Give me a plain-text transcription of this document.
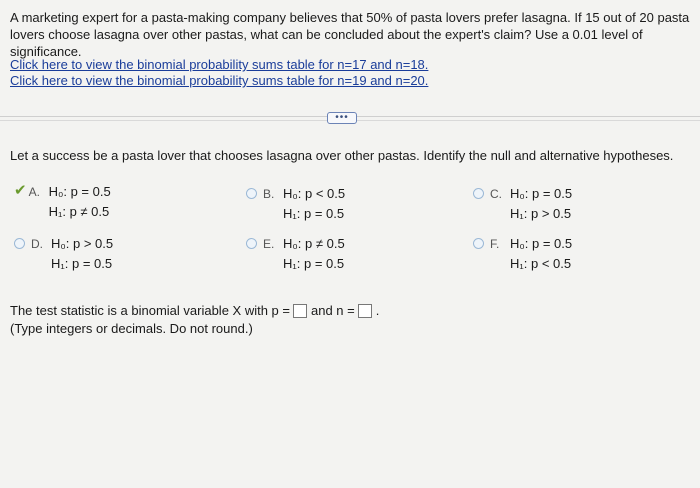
A marketing expert for a pasta-making company believes that 50% of pasta lovers prefer lasagna. If 15 out of 20 pasta lovers choose lasagna over other pastas, what can be concluded about the expert's claim? Use a 0.01 level of significance.
Click here to view the binomial probability sums table for n=17 and n=18.
Click here to view the binomial probability sums table for n=19 and n=20.
•••
Let a success be a pasta lover that chooses lasagna over other pastas. Identify the null and alternative hypotheses.
✔ A. H₀: p = 0.5
H₁: p ≠ 0.5
B. H₀: p < 0.5
H₁: p = 0.5
C. H₀: p = 0.5
H₁: p > 0.5
D. H₀: p > 0.5
H₁: p = 0.5
E. H₀: p ≠ 0.5
H₁: p = 0.5
F. H₀: p = 0.5
H₁: p < 0.5
The test statistic is a binomial variable X with p = and n = .
(Type integers or decimals. Do not round.)
